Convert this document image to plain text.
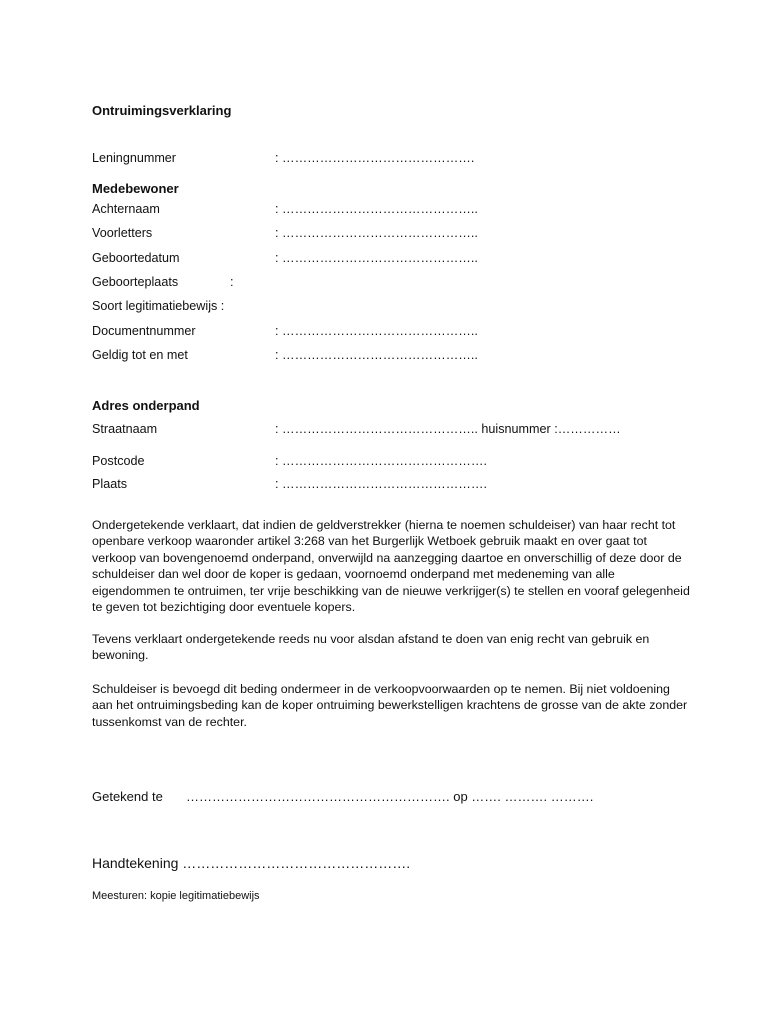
Ontruimingsverklaring
Leningnummer	: ……………………………………….
Medebewoner
Achternaam	: ………………………………………..
Voorletters	: ………………………………………..
Geboortedatum	: ………………………………………..
Geboorteplaats	:
Soort legitimatiebewijs :
Documentnummer	: ………………………………………..
Geldig tot en met	: ………………………………………..
Adres onderpand
Straatnaam	: ……………………………………….. huisnummer :……………
Postcode	: ………………………………………….
Plaats	: ………………………………………….

Ondergetekende verklaart, dat indien de geldverstrekker (hierna te noemen schuldeiser) van haar recht tot openbare verkoop waaronder artikel 3:268 van het Burgerlijk Wetboek gebruik maakt en over gaat tot verkoop van bovengenoemd onderpand, onverwijld na aanzegging daartoe en onverschillig of deze door de schuldeiser dan wel door de koper is gedaan, voornoemd onderpand met medeneming van alle eigendommen te ontruimen, ter vrije beschikking van de nieuwe verkrijger(s) te stellen en vooraf gelegenheid te geven tot bezichtiging door eventuele kopers.

Tevens verklaart ondergetekende reeds nu voor alsdan afstand te doen van enig recht van gebruik en bewoning.

Schuldeiser is bevoegd dit beding ondermeer in de verkoopvoorwaarden op te nemen. Bij niet voldoening aan het ontruimingsbeding kan de koper ontruiming bewerkstelligen krachtens de grosse van de akte zonder tussenkomst van de rechter.

Getekend te ……………………………………………………. op ……. ………. ……….
Handtekening ………………………………………….
Meesturen: kopie legitimatiebewijs
